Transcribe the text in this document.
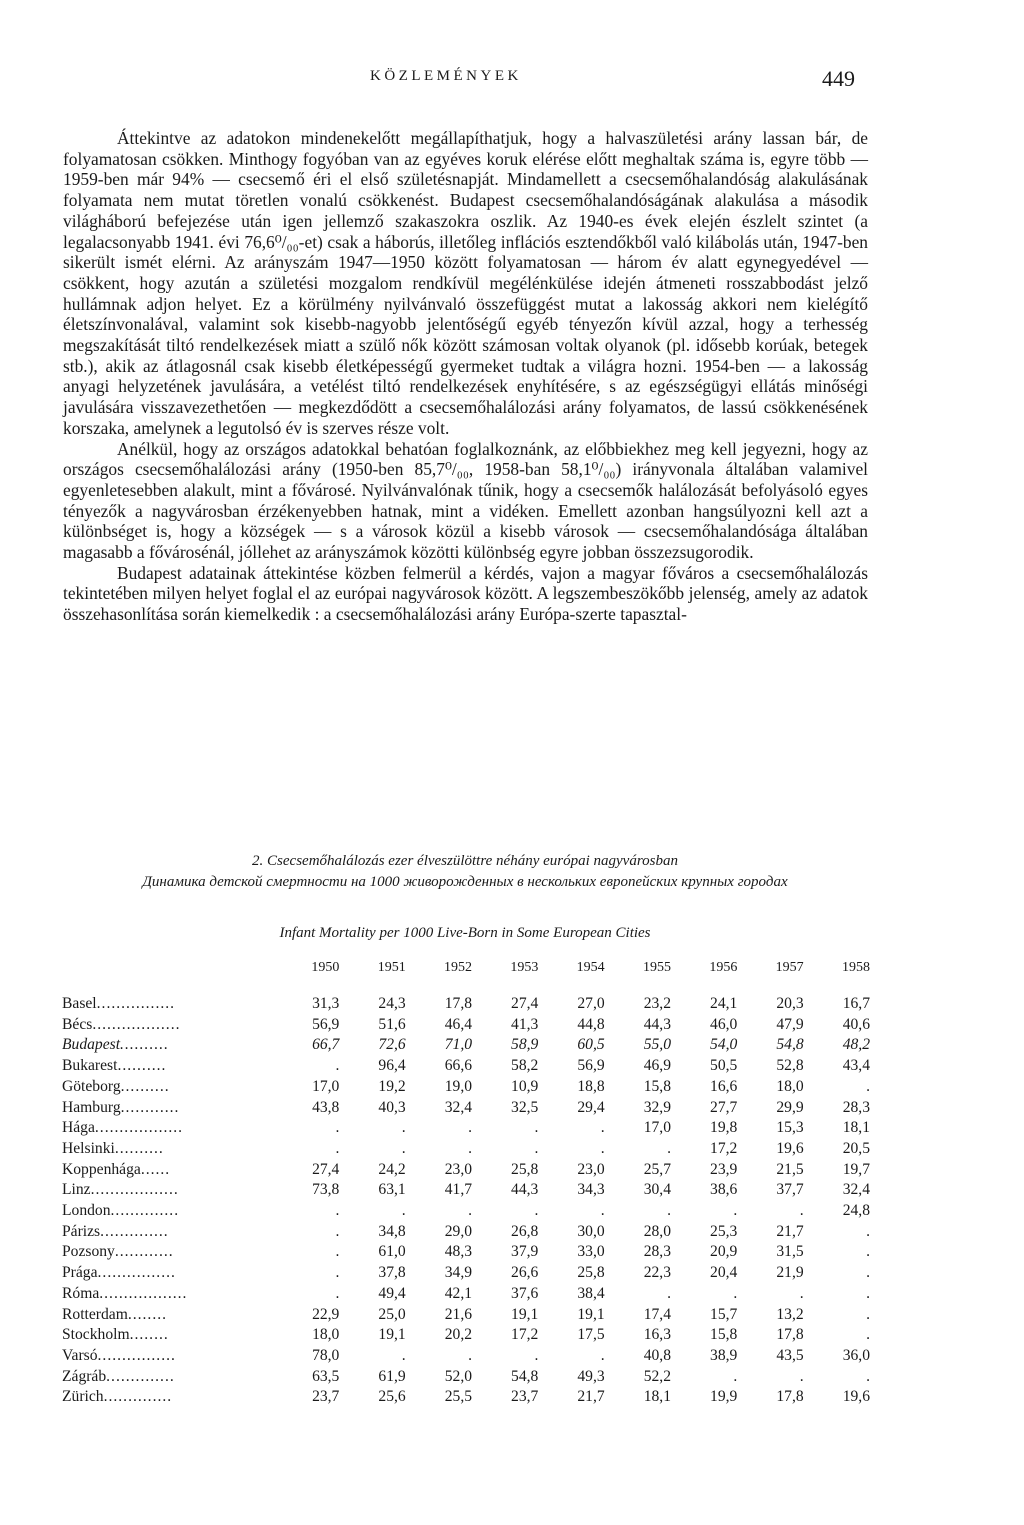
KÖZLEMÉNYEK	449

Áttekintve az adatokon mindenekelőtt megállapíthatjuk, hogy a halvaszületési arány lassan bár, de folyamatosan csökken. Minthogy fogyóban van az egyéves koruk elérése előtt meghaltak száma is, egyre több —1959-ben már 94% — csecsemő éri el első születésnapját. Mindamellett a csecsemőhalandóság alakulásának folyamata nem mutat töretlen vonalú csökkenést. Budapest csecsemőhalandóságának alakulása a második világháború befejezése után igen jellemző szakaszokra oszlik. Az 1940-es évek elején észlelt szintet (a legalacsonyabb 1941. évi 76,6⁰/₀₀-et) csak a háborús, illetőleg inflációs esztendőkből való kilábolás után, 1947-ben sikerült ismét elérni. Az arányszám 1947—1950 között folyamatosan — három év alatt egynegyedével — csökkent, hogy azután a születési mozgalom rendkívül megélénkülése idején átmeneti rosszabbodást jelző hullámnak adjon helyet. Ez a körülmény nyilvánvaló összefüggést mutat a lakosság akkori nem kielégítő életszínvonalával, valamint sok kisebb-nagyobb jelentőségű egyéb tényezőn kívül azzal, hogy a terhesség megszakítását tiltó rendelkezések miatt a szülő nők között számosan voltak olyanok (pl. idősebb korúak, betegek stb.), akik az átlagosnál csak kisebb életképességű gyermeket tudtak a világra hozni. 1954-ben — a lakosság anyagi helyzetének javulására, a vetélést tiltó rendelkezések enyhítésére, s az egészségügyi ellátás minőségi javulására visszavezethetően — megkezdődött a csecsemőhalálozási arány folyamatos, de lassú csökkenésének korszaka, amelynek a legutolsó év is szerves része volt.

Anélkül, hogy az országos adatokkal behatóan foglalkoznánk, az előbbiekhez meg kell jegyezni, hogy az országos csecsemőhalálozási arány (1950-ben 85,7⁰/₀₀, 1958-ban 58,1⁰/₀₀) irányvonala általában valamivel egyenletesebben alakult, mint a fővárosé. Nyilvánvalónak tűnik, hogy a csecsemők halálozását befolyásoló egyes tényezők a nagyvárosban érzékenyebben hatnak, mint a vidéken. Emellett azonban hangsúlyozni kell azt a különbséget is, hogy a községek — s a városok közül a kisebb városok — csecsemőhalandósága általában magasabb a fővárosénál, jóllehet az arányszámok közötti különbség egyre jobban összezsugorodik.

Budapest adatainak áttekintése közben felmerül a kérdés, vajon a magyar főváros a csecsemőhalálozás tekintetében milyen helyet foglal el az európai nagyvárosok között. A legszembeszökőbb jelenség, amely az adatok összehasonlítása során kiemelkedik : a csecsemőhalálozási arány Európa-szerte tapasztal-

2. Csecsemőhalálozás ezer élveszülöttre néhány európai nagyvárosban
Динамика детской смертности на 1000 живорожденных в нескольких европейских крупных городах
Infant Mortality per 1000 Live-Born in Some European Cities
	1950	1951	1952	1953	1954	1955	1956	1957	1958

Basel................	31,3	24,3	17,8	27,4	27,0	23,2	24,1	20,3	16,7
Bécs..................	56,9	51,6	46,4	41,3	44,8	44,3	46,0	47,9	40,6
Budapest..........	66,7	72,6	71,0	58,9	60,5	55,0	54,0	54,8	48,2
Bukarest..........	.	96,4	66,6	58,2	56,9	46,9	50,5	52,8	43,4
Göteborg..........	17,0	19,2	19,0	10,9	18,8	15,8	16,6	18,0	.
Hamburg............	43,8	40,3	32,4	32,5	29,4	32,9	27,7	29,9	28,3
Hága..................	.	.	.	.	.	17,0	19,8	15,3	18,1
Helsinki..........	.	.	.	.	.	.	17,2	19,6	20,5
Koppenhága......	27,4	24,2	23,0	25,8	23,0	25,7	23,9	21,5	19,7
Linz..................	73,8	63,1	41,7	44,3	34,3	30,4	38,6	37,7	32,4
London..............	.	.	.	.	.	.	.	.	24,8
Párizs..............	.	34,8	29,0	26,8	30,0	28,0	25,3	21,7	.
Pozsony............	.	61,0	48,3	37,9	33,0	28,3	20,9	31,5	.
Prága................	.	37,8	34,9	26,6	25,8	22,3	20,4	21,9	.
Róma..................	.	49,4	42,1	37,6	38,4	.	.	.	.
Rotterdam........	22,9	25,0	21,6	19,1	19,1	17,4	15,7	13,2	.
Stockholm........	18,0	19,1	20,2	17,2	17,5	16,3	15,8	17,8	.
Varsó................	78,0	.	.	.	.	40,8	38,9	43,5	36,0
Zágráb..............	63,5	61,9	52,0	54,8	49,3	52,2	.	.	.
Zürich..............	23,7	25,6	25,5	23,7	21,7	18,1	19,9	17,8	19,6
